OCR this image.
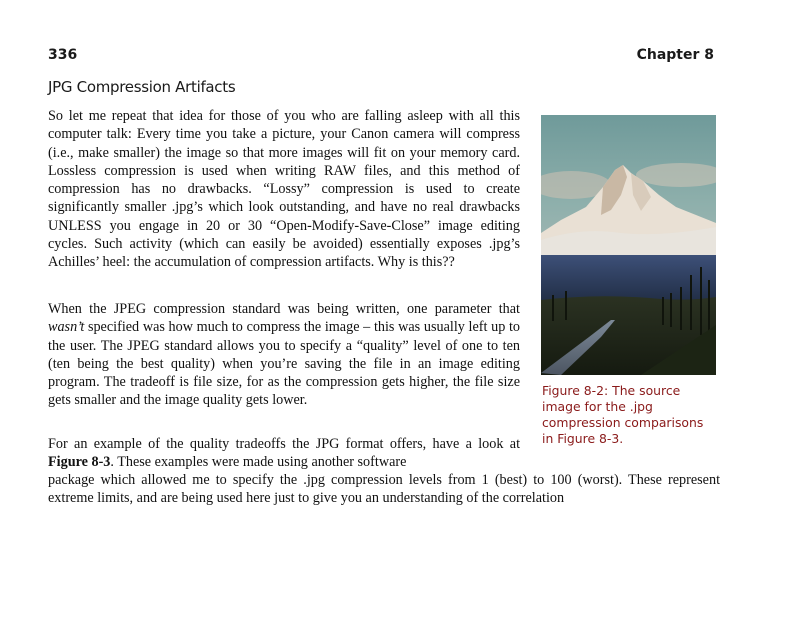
336	Chapter 8
JPG Compression Artifacts

So let me repeat that idea for those of you who are falling asleep with all this computer talk: Every time you take a picture, your Canon camera will compress (i.e., make smaller) the image so that more images will fit on your memory card. Lossless compression is used when writing RAW files, and this method of compression has no drawbacks. “Lossy” compression is used to create significantly smaller .jpg’s which look outstanding, and have no real drawbacks UNLESS you engage in 20 or 30 “Open-Modify-Save-Close” image editing cycles. Such activity (which can easily be avoided) essentially exposes .jpg’s Achilles’ heel: the accumulation of compression artifacts. Why is this??

When the JPEG compression standard was being written, one parameter that wasn’t specified was how much to compress the image – this was usually left up to the user. The JPEG standard allows you to specify a “quality” level of one to ten (ten being the best quality) when you’re saving the file in an image editing program. The tradeoff is file size, for as the compression gets higher, the file size gets smaller and the image quality gets lower.

For an example of the quality tradeoffs the JPG format offers, have a look at Figure 8-3. These examples were made using another software

package which allowed me to specify the .jpg compression levels from 1 (best) to 100 (worst). These represent extreme limits, and are being used here just to give you an understanding of the correlation

Figure 8-2: The source image for the .jpg compression comparisons in Figure 8-3.
